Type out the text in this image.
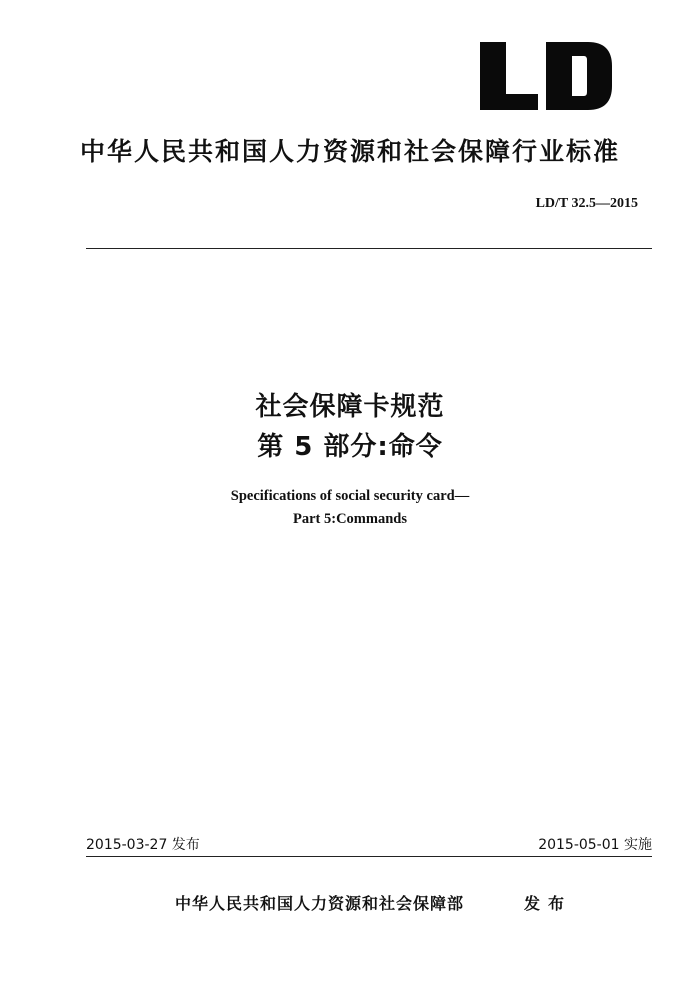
中华人民共和国人力资源和社会保障行业标准
LD/T 32.5—2015
社会保障卡规范
第 5 部分:命令
Specifications of social security card—
Part 5:Commands
2015-03-27 发布	2015-05-01 实施
中华人民共和国人力资源和社会保障部	发布
